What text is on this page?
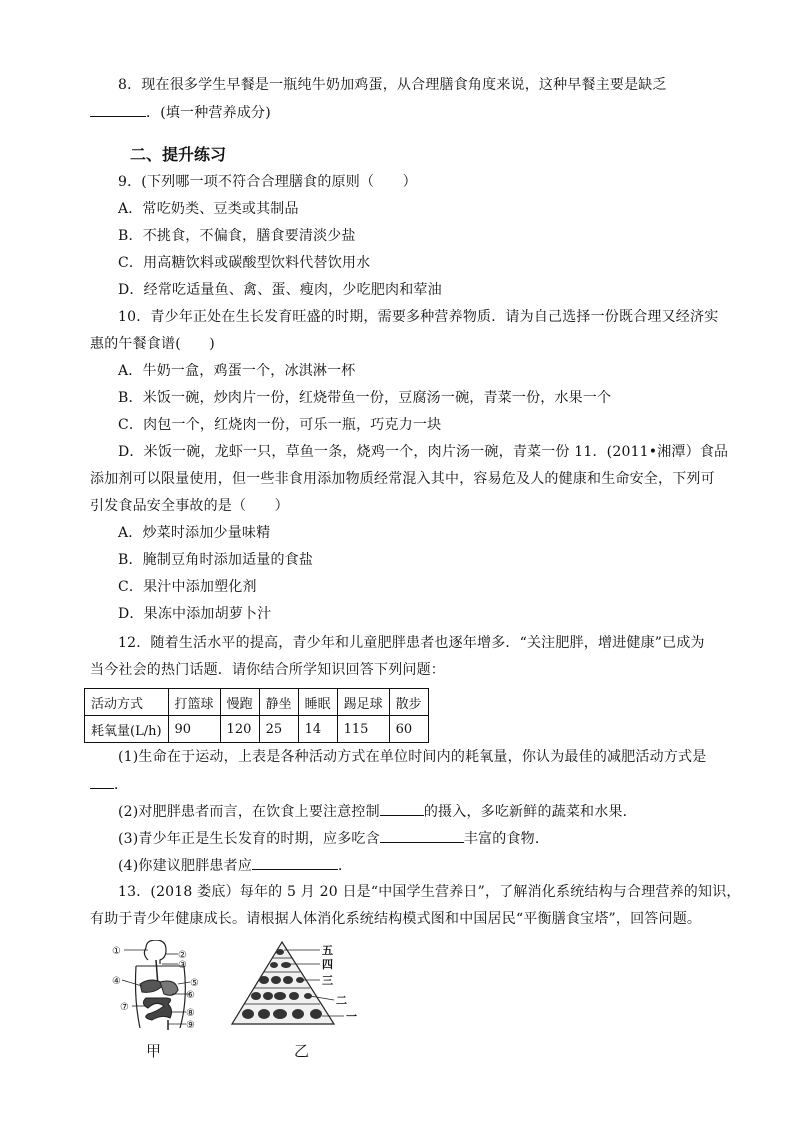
8．现在很多学生早餐是一瓶纯牛奶加鸡蛋，从合理膳食角度来说，这种早餐主要是缺乏
．(填一种营养成分)
二、提升练习
9．(下列哪一项不符合合理膳食的原则（　　）
A．常吃奶类、豆类或其制品
B．不挑食，不偏食，膳食要清淡少盐
C．用高糖饮料或碳酸型饮料代替饮用水
D．经常吃适量鱼、禽、蛋、瘦肉，少吃肥肉和荤油
10．青少年正处在生长发育旺盛的时期，需要多种营养物质．请为自己选择一份既合理又经济实
惠的午餐食谱(　　)
A．牛奶一盒，鸡蛋一个，冰淇淋一杯
B．米饭一碗，炒肉片一份，红烧带鱼一份，豆腐汤一碗，青菜一份，水果一个
C．肉包一个，红烧肉一份，可乐一瓶，巧克力一块
D．米饭一碗，龙虾一只，草鱼一条，烧鸡一个，肉片汤一碗，青菜一份 11．(2011•湘潭）食品
添加剂可以限量使用，但一些非食用添加物质经常混入其中，容易危及人的健康和生命安全，下列可
引发食品安全事故的是（　　）
A．炒菜时添加少量味精
B．腌制豆角时添加适量的食盐
C．果汁中添加塑化剂
D．果冻中添加胡萝卜汁
12．随着生活水平的提高，青少年和儿童肥胖患者也逐年增多．“关注肥胖，增进健康”已成为
当今社会的热门话题．请你结合所学知识回答下列问题：
活动方式	打篮球	慢跑	静坐	睡眠	踢足球	散步
耗氧量(L/h)	90	120	25	14	115	60
(1)生命在于运动，上表是各种活动方式在单位时间内的耗氧量，你认为最佳的减肥活动方式是
．
(2)对肥胖患者而言，在饮食上要注意控制	的摄入，多吃新鲜的蔬菜和水果．
(3)青少年正是生长发育的时期，应多吃含	丰富的食物．
(4)你建议肥胖患者应	．
13．(2018 娄底）每年的 5 月 20 日是“中国学生营养日”，了解消化系统结构与合理营养的知识，
有助于青少年健康成长。请根据人体消化系统结构模式图和中国居民“平衡膳食宝塔”，回答问题。
①	②
③
④	⑤
⑥
⑦
⑧
⑨
五
四
三
二
一
甲	乙
